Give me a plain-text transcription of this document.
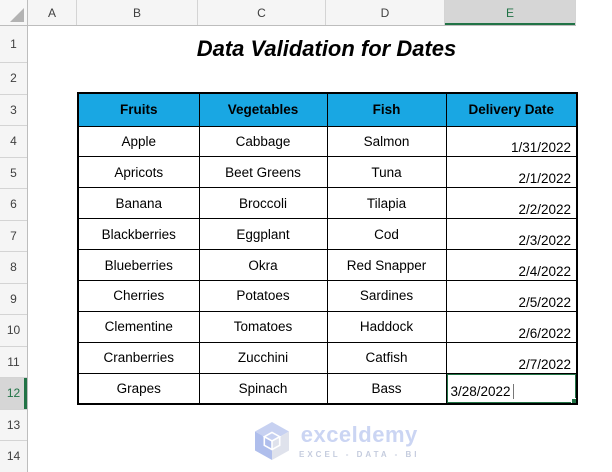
A	B	C	D	E
1
2
3
4
5
6
7
8
9
10
11
12
13
14
Data Validation for Dates
Fruits	Vegetables	Fish	Delivery Date
Apple	Cabbage	Salmon	1/31/2022
Apricots	Beet Greens	Tuna	2/1/2022
Banana	Broccoli	Tilapia	2/2/2022
Blackberries	Eggplant	Cod	2/3/2022
Blueberries	Okra	Red Snapper	2/4/2022
Cherries	Potatoes	Sardines	2/5/2022
Clementine	Tomatoes	Haddock	2/6/2022
Cranberries	Zucchini	Catfish	2/7/2022
Grapes	Spinach	Bass	3/28/2022
exceldemy
EXCEL - DATA - BI
